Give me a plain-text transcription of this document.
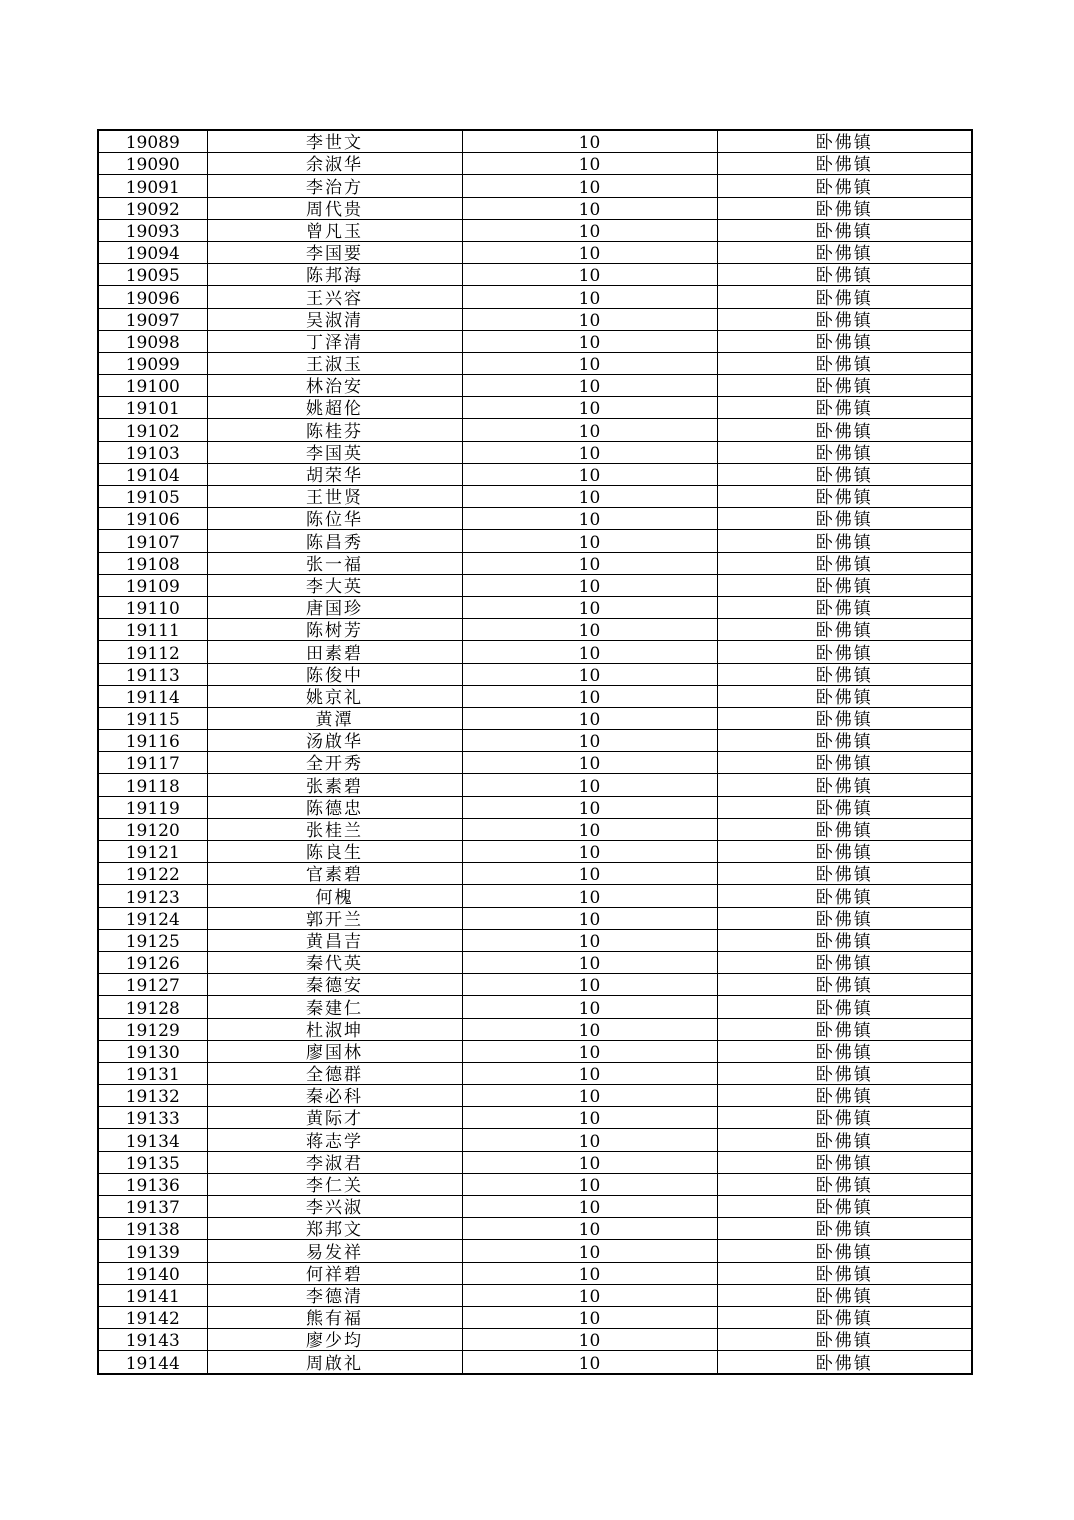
19089	李世文	10	卧佛镇
19090	余淑华	10	卧佛镇
19091	李治方	10	卧佛镇
19092	周代贵	10	卧佛镇
19093	曾凡玉	10	卧佛镇
19094	李国要	10	卧佛镇
19095	陈邦海	10	卧佛镇
19096	王兴容	10	卧佛镇
19097	吴淑清	10	卧佛镇
19098	丁泽清	10	卧佛镇
19099	王淑玉	10	卧佛镇
19100	林治安	10	卧佛镇
19101	姚超伦	10	卧佛镇
19102	陈桂芬	10	卧佛镇
19103	李国英	10	卧佛镇
19104	胡荣华	10	卧佛镇
19105	王世贤	10	卧佛镇
19106	陈位华	10	卧佛镇
19107	陈昌秀	10	卧佛镇
19108	张一福	10	卧佛镇
19109	李大英	10	卧佛镇
19110	唐国珍	10	卧佛镇
19111	陈树芳	10	卧佛镇
19112	田素碧	10	卧佛镇
19113	陈俊中	10	卧佛镇
19114	姚京礼	10	卧佛镇
19115	黄潭	10	卧佛镇
19116	汤啟华	10	卧佛镇
19117	全开秀	10	卧佛镇
19118	张素碧	10	卧佛镇
19119	陈德忠	10	卧佛镇
19120	张桂兰	10	卧佛镇
19121	陈良生	10	卧佛镇
19122	官素碧	10	卧佛镇
19123	何槐	10	卧佛镇
19124	郭开兰	10	卧佛镇
19125	黄昌吉	10	卧佛镇
19126	秦代英	10	卧佛镇
19127	秦德安	10	卧佛镇
19128	秦建仁	10	卧佛镇
19129	杜淑坤	10	卧佛镇
19130	廖国林	10	卧佛镇
19131	全德群	10	卧佛镇
19132	秦必科	10	卧佛镇
19133	黄际才	10	卧佛镇
19134	蒋志学	10	卧佛镇
19135	李淑君	10	卧佛镇
19136	李仁关	10	卧佛镇
19137	李兴淑	10	卧佛镇
19138	郑邦文	10	卧佛镇
19139	易发祥	10	卧佛镇
19140	何祥碧	10	卧佛镇
19141	李德清	10	卧佛镇
19142	熊有福	10	卧佛镇
19143	廖少均	10	卧佛镇
19144	周啟礼	10	卧佛镇
